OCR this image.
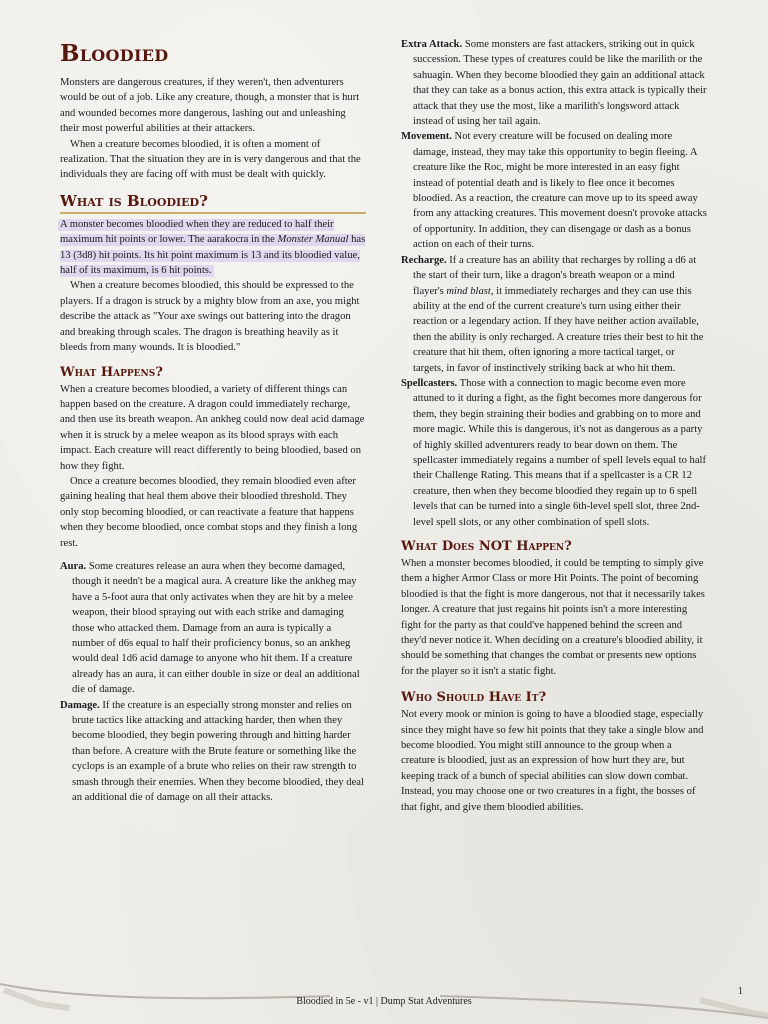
Bloodied

Monsters are dangerous creatures, if they weren't, then adventurers would be out of a job. Like any creature, though, a monster that is hurt and wounded becomes more dangerous, lashing out and unleashing their most powerful abilities at their attackers.

When a creature becomes bloodied, it is often a moment of realization. That the situation they are in is very dangerous and that the individuals they are facing off with must be dealt with quickly.

What is Bloodied?

A monster becomes bloodied when they are reduced to half their maximum hit points or lower. The aarakocra in the Monster Manual has 13 (3d8) hit points. Its hit point maximum is 13 and its bloodied value, half of its maximum, is 6 hit points.

When a creature becomes bloodied, this should be expressed to the players. If a dragon is struck by a mighty blow from an axe, you might describe the attack as "Your axe swings out battering into the dragon and breaking through scales. The dragon is breathing heavily as it bleeds from many wounds. It is bloodied."

What Happens?

When a creature becomes bloodied, a variety of different things can happen based on the creature. A dragon could immediately recharge, and then use its breath weapon. An ankheg could now deal acid damage when it is struck by a melee weapon as its blood sprays with each impact. Each creature will react differently to being bloodied, based on how they fight.

Once a creature becomes bloodied, they remain bloodied even after gaining healing that heal them above their bloodied threshold. They only stop becoming bloodied, or can reactivate a feature that happens when they become bloodied, once combat stops and they finish a long rest.

Aura. Some creatures release an aura when they become damaged, though it needn't be a magical aura. A creature like the ankheg may have a 5-foot aura that only activates when they are hit by a melee weapon, their blood spraying out with each strike and damaging those who attacked them. Damage from an aura is typically a number of d6s equal to half their proficiency bonus, so an ankheg would deal 1d6 acid damage to anyone who hit them. If a creature already has an aura, it can either double in size or deal an additional die of damage.

Damage. If the creature is an especially strong monster and relies on brute tactics like attacking and attacking harder, then when they become bloodied, they begin powering through and hitting harder than before. A creature with the Brute feature or something like the cyclops is an example of a brute who relies on their raw strength to smash through their enemies. When they become bloodied, they deal an additional die of damage on all their attacks.

Extra Attack. Some monsters are fast attackers, striking out in quick succession. These types of creatures could be like the marilith or the sahuagin. When they become bloodied they gain an additional attack that they can take as a bonus action, this extra attack is typically their attack that they use the most, like a marilith's longsword attack instead of using her tail again.

Movement. Not every creature will be focused on dealing more damage, instead, they may take this opportunity to begin fleeing. A creature like the Roc, might be more interested in an easy fight instead of potential death and is likely to flee once it becomes bloodied. As a reaction, the creature can move up to its speed away from any attacking creatures. This movement doesn't provoke attacks of opportunity. In addition, they can disengage or dash as a bonus action on each of their turns.

Recharge. If a creature has an ability that recharges by rolling a d6 at the start of their turn, like a dragon's breath weapon or a mind flayer's mind blast, it immediately recharges and they can use this ability at the end of the current creature's turn using either their reaction or a legendary action. If they have neither action available, then the ability is only recharged. A creature tries their best to hit the creature that hit them, often ignoring a more tactical target, or targets, in favor of instinctively striking back at who hit them.

Spellcasters. Those with a connection to magic become even more attuned to it during a fight, as the fight becomes more dangerous for them, they begin straining their bodies and grabbing on to more and more magic. While this is dangerous, it's not as dangerous as a party of highly skilled adventurers ready to bear down on them. The spellcaster immediately regains a number of spell levels equal to half their Challenge Rating. This means that if a spellcaster is a CR 12 creature, then when they become bloodied they regain up to 6 spell levels that can be turned into a single 6th-level spell slot, three 2nd-level spell slots, or any other combination of spell slots.

What Does NOT Happen?

When a monster becomes bloodied, it could be tempting to simply give them a higher Armor Class or more Hit Points. The point of becoming bloodied is that the fight is more dangerous, not that it necessarily takes longer. A creature that just regains hit points isn't a more interesting fight for the party as that could've happened behind the screen and they'd never notice it. When deciding on a creature's bloodied ability, it should be something that changes the combat or presents new options for the player so it isn't a static fight.

Who Should Have It?

Not every mook or minion is going to have a bloodied stage, especially since they might have so few hit points that they take a single blow and become bloodied. You might still announce to the group when a creature is bloodied, just as an expression of how hurt they are, but keeping track of a bunch of special abilities can slow down combat. Instead, you may choose one or two creatures in a fight, the bosses of that fight, and give them bloodied abilities.

Bloodied in 5e - v1 | Dump Stat Adventures
1
